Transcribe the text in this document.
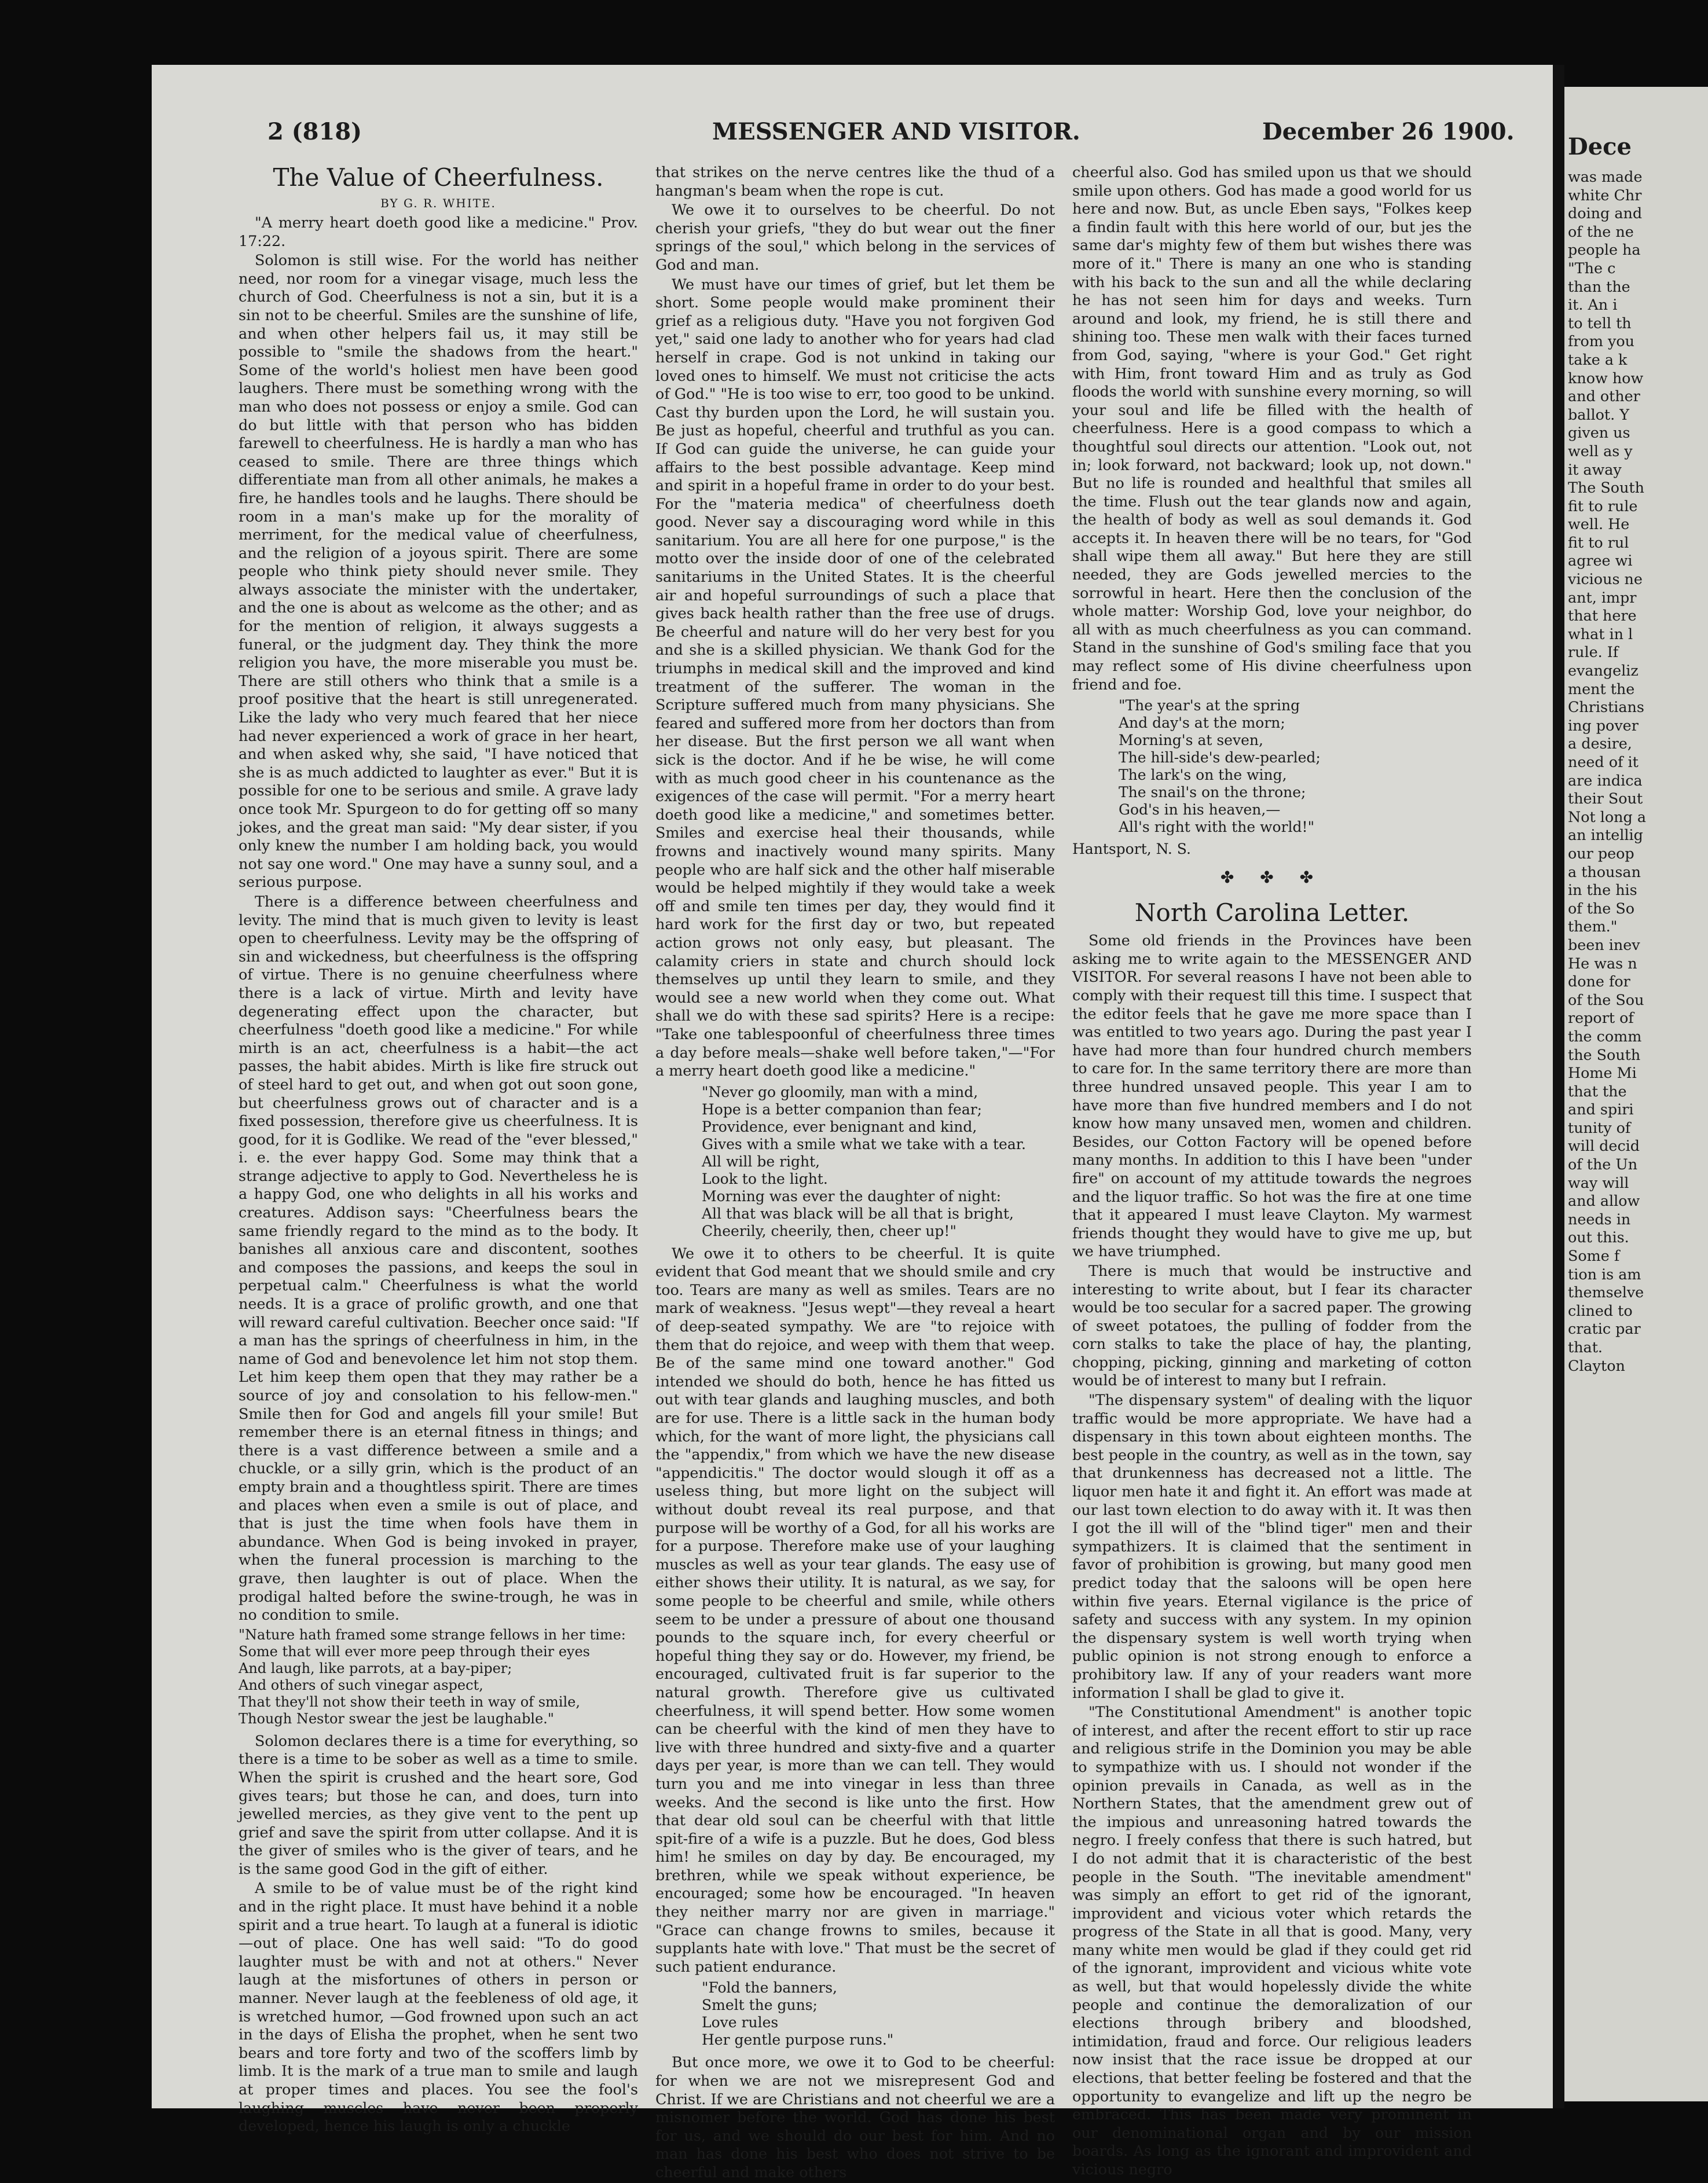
2 (818)	MESSENGER AND VISITOR.	December 26 1900.
The Value of Cheerfulness.
BY G. R. WHITE.

"A merry heart doeth good like a medicine." Prov. 17:22.

Solomon is still wise. For the world has neither need, nor room for a vinegar visage, much less the church of God. Cheerfulness is not a sin, but it is a sin not to be cheerful. Smiles are the sunshine of life, and when other helpers fail us, it may still be possible to "smile the shadows from the heart." Some of the world's holiest men have been good laughers. There must be something wrong with the man who does not possess or enjoy a smile. God can do but little with that person who has bidden farewell to cheerfulness. He is hardly a man who has ceased to smile. There are three things which differentiate man from all other animals, he makes a fire, he handles tools and he laughs. There should be room in a man's make up for the morality of merriment, for the medical value of cheerfulness, and the religion of a joyous spirit. There are some people who think piety should never smile. They always associate the minister with the undertaker, and the one is about as welcome as the other; and as for the mention of religion, it always suggests a funeral, or the judgment day. They think the more religion you have, the more miserable you must be. There are still others who think that a smile is a proof positive that the heart is still unregenerated. Like the lady who very much feared that her niece had never experienced a work of grace in her heart, and when asked why, she said, "I have noticed that she is as much addicted to laughter as ever." But it is possible for one to be serious and smile. A grave lady once took Mr. Spurgeon to do for getting off so many jokes, and the great man said: "My dear sister, if you only knew the number I am holding back, you would not say one word." One may have a sunny soul, and a serious purpose.

There is a difference between cheerfulness and levity. The mind that is much given to levity is least open to cheerfulness. Levity may be the offspring of sin and wickedness, but cheerfulness is the offspring of virtue. There is no genuine cheerfulness where there is a lack of virtue. Mirth and levity have degenerating effect upon the character, but cheerfulness "doeth good like a medicine." For while mirth is an act, cheerfulness is a habit—the act passes, the habit abides. Mirth is like fire struck out of steel hard to get out, and when got out soon gone, but cheerfulness grows out of character and is a fixed possession, therefore give us cheerfulness. It is good, for it is Godlike. We read of the "ever blessed," i. e. the ever happy God. Some may think that a strange adjective to apply to God. Nevertheless he is a happy God, one who delights in all his works and creatures. Addison says: "Cheerfulness bears the same friendly regard to the mind as to the body. It banishes all anxious care and discontent, soothes and composes the passions, and keeps the soul in perpetual calm." Cheerfulness is what the world needs. It is a grace of prolific growth, and one that will reward careful cultivation. Beecher once said: "If a man has the springs of cheerfulness in him, in the name of God and benevolence let him not stop them. Let him keep them open that they may rather be a source of joy and consolation to his fellow-men." Smile then for God and angels fill your smile! But remember there is an eternal fitness in things; and there is a vast difference between a smile and a chuckle, or a silly grin, which is the product of an empty brain and a thoughtless spirit. There are times and places when even a smile is out of place, and that is just the time when fools have them in abundance. When God is being invoked in prayer, when the funeral procession is marching to the grave, then laughter is out of place. When the prodigal halted before the swine-trough, he was in no condition to smile.

"Nature hath framed some strange fellows in her time:
Some that will ever more peep through their eyes
And laugh, like parrots, at a bay-piper;
And others of such vinegar aspect,
That they'll not show their teeth in way of smile,
Though Nestor swear the jest be laughable."

Solomon declares there is a time for everything, so there is a time to be sober as well as a time to smile. When the spirit is crushed and the heart sore, God gives tears; but those he can, and does, turn into jewelled mercies, as they give vent to the pent up grief and save the spirit from utter collapse. And it is the giver of smiles who is the giver of tears, and he is the same good God in the gift of either.

A smile to be of value must be of the right kind and in the right place. It must have behind it a noble spirit and a true heart. To laugh at a funeral is idiotic—out of place. One has well said: "To do good laughter must be with and not at others." Never laugh at the misfortunes of others in person or manner. Never laugh at the feebleness of old age, it is wretched humor, —God frowned upon such an act in the days of Elisha the prophet, when he sent two bears and tore forty and two of the scoffers limb by limb. It is the mark of a true man to smile and laugh at proper times and places. You see the fool's laughing muscles have never been properly developed, hence his laugh is only a chuckle

that strikes on the nerve centres like the thud of a hangman's beam when the rope is cut.

We owe it to ourselves to be cheerful. Do not cherish your griefs, "they do but wear out the finer springs of the soul," which belong in the services of God and man.

We must have our times of grief, but let them be short. Some people would make prominent their grief as a religious duty. "Have you not forgiven God yet," said one lady to another who for years had clad herself in crape. God is not unkind in taking our loved ones to himself. We must not criticise the acts of God." "He is too wise to err, too good to be unkind. Cast thy burden upon the Lord, he will sustain you. Be just as hopeful, cheerful and truthful as you can. If God can guide the universe, he can guide your affairs to the best possible advantage. Keep mind and spirit in a hopeful frame in order to do your best. For the "materia medica" of cheerfulness doeth good. Never say a discouraging word while in this sanitarium. You are all here for one purpose," is the motto over the inside door of one of the celebrated sanitariums in the United States. It is the cheerful air and hopeful surroundings of such a place that gives back health rather than the free use of drugs. Be cheerful and nature will do her very best for you and she is a skilled physician. We thank God for the triumphs in medical skill and the improved and kind treatment of the sufferer. The woman in the Scripture suffered much from many physicians. She feared and suffered more from her doctors than from her disease. But the first person we all want when sick is the doctor. And if he be wise, he will come with as much good cheer in his countenance as the exigences of the case will permit. "For a merry heart doeth good like a medicine," and sometimes better. Smiles and exercise heal their thousands, while frowns and inactively wound many spirits. Many people who are half sick and the other half miserable would be helped mightily if they would take a week off and smile ten times per day, they would find it hard work for the first day or two, but repeated action grows not only easy, but pleasant. The calamity criers in state and church should lock themselves up until they learn to smile, and they would see a new world when they come out. What shall we do with these sad spirits? Here is a recipe: "Take one tablespoonful of cheerfulness three times a day before meals—shake well before taken,"—"For a merry heart doeth good like a medicine."

"Never go gloomily, man with a mind,
Hope is a better companion than fear;
Providence, ever benignant and kind,
Gives with a smile what we take with a tear.
All will be right,
Look to the light.
Morning was ever the daughter of night:
All that was black will be all that is bright,
Cheerily, cheerily, then, cheer up!"

We owe it to others to be cheerful. It is quite evident that God meant that we should smile and cry too. Tears are many as well as smiles. Tears are no mark of weakness. "Jesus wept"—they reveal a heart of deep-seated sympathy. We are "to rejoice with them that do rejoice, and weep with them that weep. Be of the same mind one toward another." God intended we should do both, hence he has fitted us out with tear glands and laughing muscles, and both are for use. There is a little sack in the human body which, for the want of more light, the physicians call the "appendix," from which we have the new disease "appendicitis." The doctor would slough it off as a useless thing, but more light on the subject will without doubt reveal its real purpose, and that purpose will be worthy of a God, for all his works are for a purpose. Therefore make use of your laughing muscles as well as your tear glands. The easy use of either shows their utility. It is natural, as we say, for some people to be cheerful and smile, while others seem to be under a pressure of about one thousand pounds to the square inch, for every cheerful or hopeful thing they say or do. However, my friend, be encouraged, cultivated fruit is far superior to the natural growth. Therefore give us cultivated cheerfulness, it will spend better. How some women can be cheerful with the kind of men they have to live with three hundred and sixty-five and a quarter days per year, is more than we can tell. They would turn you and me into vinegar in less than three weeks. And the second is like unto the first. How that dear old soul can be cheerful with that little spit-fire of a wife is a puzzle. But he does, God bless him! he smiles on day by day. Be encouraged, my brethren, while we speak without experience, be encouraged; some how be encouraged. "In heaven they neither marry nor are given in marriage." "Grace can change frowns to smiles, because it supplants hate with love." That must be the secret of such patient endurance.

"Fold the banners,
Smelt the guns;
Love rules
Her gentle purpose runs."

But once more, we owe it to God to be cheerful: for when we are not we misrepresent God and Christ. If we are Christians and not cheerful we are a misnomer before the world. God has done his best for us, and we should do our best for him. And no man has done his best who does not strive to be cheerful and make others

cheerful also. God has smiled upon us that we should smile upon others. God has made a good world for us here and now. But, as uncle Eben says, "Folkes keep a findin fault with this here world of our, but jes the same dar's mighty few of them but wishes there was more of it." There is many an one who is standing with his back to the sun and all the while declaring he has not seen him for days and weeks. Turn around and look, my friend, he is still there and shining too. These men walk with their faces turned from God, saying, "where is your God." Get right with Him, front toward Him and as truly as God floods the world with sunshine every morning, so will your soul and life be filled with the health of cheerfulness. Here is a good compass to which a thoughtful soul directs our attention. "Look out, not in; look forward, not backward; look up, not down." But no life is rounded and healthful that smiles all the time. Flush out the tear glands now and again, the health of body as well as soul demands it. God accepts it. In heaven there will be no tears, for "God shall wipe them all away." But here they are still needed, they are Gods jewelled mercies to the sorrowful in heart. Here then the conclusion of the whole matter: Worship God, love your neighbor, do all with as much cheerfulness as you can command. Stand in the sunshine of God's smiling face that you may reflect some of His divine cheerfulness upon friend and foe.

"The year's at the spring
And day's at the morn;
Morning's at seven,
The hill-side's dew-pearled;
The lark's on the wing,
The snail's on the throne;
God's in his heaven,—
All's right with the world!"
Hantsport, N. S.
✤ ✤ ✤
North Carolina Letter.

Some old friends in the Provinces have been asking me to write again to the MESSENGER AND VISITOR. For several reasons I have not been able to comply with their request till this time. I suspect that the editor feels that he gave me more space than I was entitled to two years ago. During the past year I have had more than four hundred church members to care for. In the same territory there are more than three hundred unsaved people. This year I am to have more than five hundred members and I do not know how many unsaved men, women and children. Besides, our Cotton Factory will be opened before many months. In addition to this I have been "under fire" on account of my attitude towards the negroes and the liquor traffic. So hot was the fire at one time that it appeared I must leave Clayton. My warmest friends thought they would have to give me up, but we have triumphed.

There is much that would be instructive and interesting to write about, but I fear its character would be too secular for a sacred paper. The growing of sweet potatoes, the pulling of fodder from the corn stalks to take the place of hay, the planting, chopping, picking, ginning and marketing of cotton would be of interest to many but I refrain.

"The dispensary system" of dealing with the liquor traffic would be more appropriate. We have had a dispensary in this town about eighteen months. The best people in the country, as well as in the town, say that drunkenness has decreased not a little. The liquor men hate it and fight it. An effort was made at our last town election to do away with it. It was then I got the ill will of the "blind tiger" men and their sympathizers. It is claimed that the sentiment in favor of prohibition is growing, but many good men predict today that the saloons will be open here within five years. Eternal vigilance is the price of safety and success with any system. In my opinion the dispensary system is well worth trying when public opinion is not strong enough to enforce a prohibitory law. If any of your readers want more information I shall be glad to give it.

"The Constitutional Amendment" is another topic of interest, and after the recent effort to stir up race and religious strife in the Dominion you may be able to sympathize with us. I should not wonder if the opinion prevails in Canada, as well as in the Northern States, that the amendment grew out of the impious and unreasoning hatred towards the negro. I freely confess that there is such hatred, but I do not admit that it is characteristic of the best people in the South. "The inevitable amendment" was simply an effort to get rid of the ignorant, improvident and vicious voter which retards the progress of the State in all that is good. Many, very many white men would be glad if they could get rid of the ignorant, improvident and vicious white vote as well, but that would hopelessly divide the white people and continue the demoralization of our elections through bribery and bloodshed, intimidation, fraud and force. Our religious leaders now insist that the race issue be dropped at our elections, that better feeling be fostered and that the opportunity to evangelize and lift up the negro be embraced. This has been made very prominent in our denominational organ and by our mission boards. As long as the ignorant and improvident and vicious negro

Dece
was made
white Chr
doing and
of the ne
people ha
"The c
than the
it. An i
to tell th
from you
take a k
know how
and other
ballot. Y
given us
well as y
it away
The South
fit to rule
well. He
fit to rul
agree wi
vicious ne
ant, impr
that here
what in l
rule. If
evangeliz
ment the
Christians
ing pover
a desire,
need of it
are indica
their Sout
Not long a
an intellig
our peop
a thousan
in the his
of the So
them."
been inev
He was n
done for
of the Sou
report of
the comm
the South
Home Mi
that the
and spiri
tunity of
will decid
of the Un
way will
and allow
needs in
out this.
Some f
tion is am
themselve
clined to
cratic par
that.
Clayton
